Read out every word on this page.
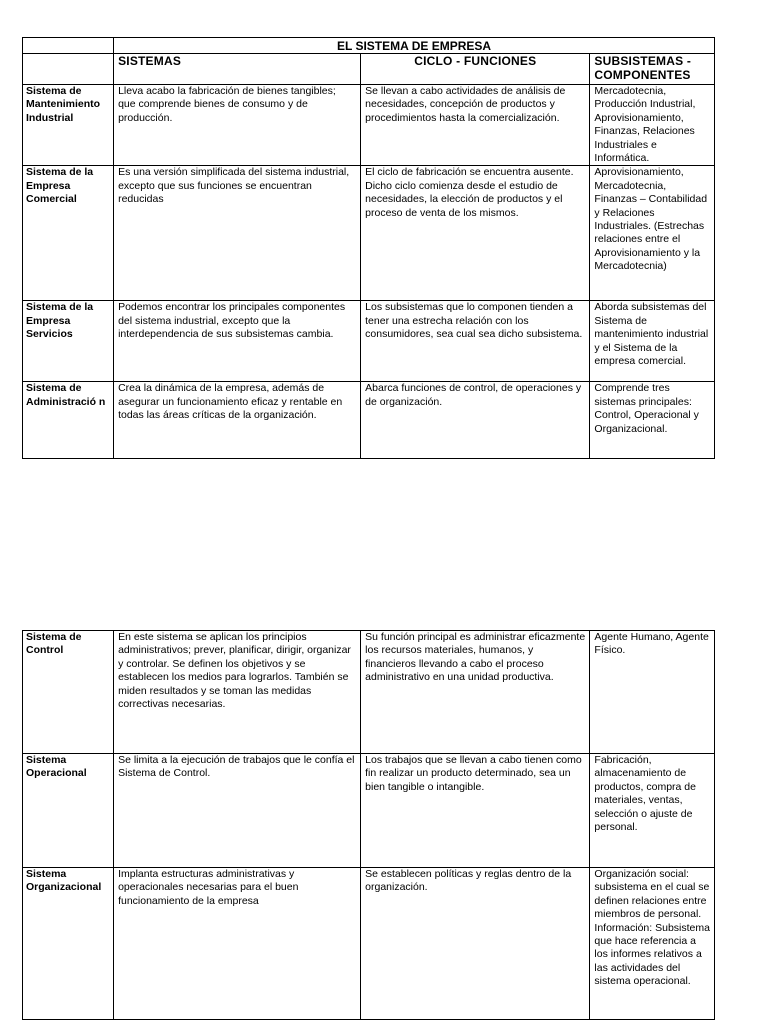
	EL SISTEMA DE EMPRESA		
	SISTEMAS	CICLO - FUNCIONES	SUBSISTEMAS - COMPONENTES
Sistema de Mantenimiento Industrial	Lleva acabo la fabricación de bienes tangibles; que comprende bienes de consumo y de producción.	Se llevan a cabo actividades de análisis de necesidades, concepción de productos y procedimientos hasta la comercialización.	Mercadotecnia, Producción Industrial, Aprovisionamiento, Finanzas, Relaciones Industriales e Informática.
Sistema de la Empresa Comercial	Es una versión simplificada del sistema industrial, excepto que sus funciones se encuentran reducidas	El ciclo de fabricación se encuentra ausente. Dicho ciclo comienza desde el estudio de necesidades, la elección de productos y el proceso de venta de los mismos.	Aprovisionamiento, Mercadotecnia, Finanzas – Contabilidad y Relaciones Industriales. (Estrechas relaciones entre el Aprovisionamiento y la Mercadotecnia)
Sistema de la Empresa Servicios	Podemos encontrar los principales componentes del sistema industrial, excepto que la interdependencia de sus subsistemas cambia.	Los subsistemas que lo componen tienden a tener una estrecha relación con los consumidores, sea cual sea dicho subsistema.	Aborda subsistemas del Sistema de mantenimiento industrial y el Sistema de la empresa comercial.
Sistema de Administració n	Crea la dinámica de la empresa, además de asegurar un funcionamiento eficaz y rentable en todas las áreas críticas de la organización.	Abarca funciones de control, de operaciones y de organización.	Comprende tres sistemas principales: Control, Operacional y Organizacional.
Sistema de Control	En este sistema se aplican los principios administrativos; prever, planificar, dirigir, organizar y controlar. Se definen los objetivos y se establecen los medios para lograrlos. También se miden resultados y se toman las medidas correctivas necesarias.	Su función principal es administrar eficazmente los recursos materiales, humanos, y financieros llevando a cabo el proceso administrativo en una unidad productiva.	Agente Humano, Agente Físico.
Sistema Operacional	Se limita a la ejecución de trabajos que le confía el Sistema de Control.	Los trabajos que se llevan a cabo tienen como fin realizar un producto determinado, sea un bien tangible o intangible.	Fabricación, almacenamiento de productos, compra de materiales, ventas, selección o ajuste de personal.
Sistema Organizacional	Implanta estructuras administrativas y operacionales necesarias para el buen funcionamiento de la empresa	Se establecen políticas y reglas dentro de la organización.	Organización social: subsistema en el cual se definen relaciones entre miembros de personal. Información: Subsistema que hace referencia a los informes relativos a las actividades del sistema operacional.
